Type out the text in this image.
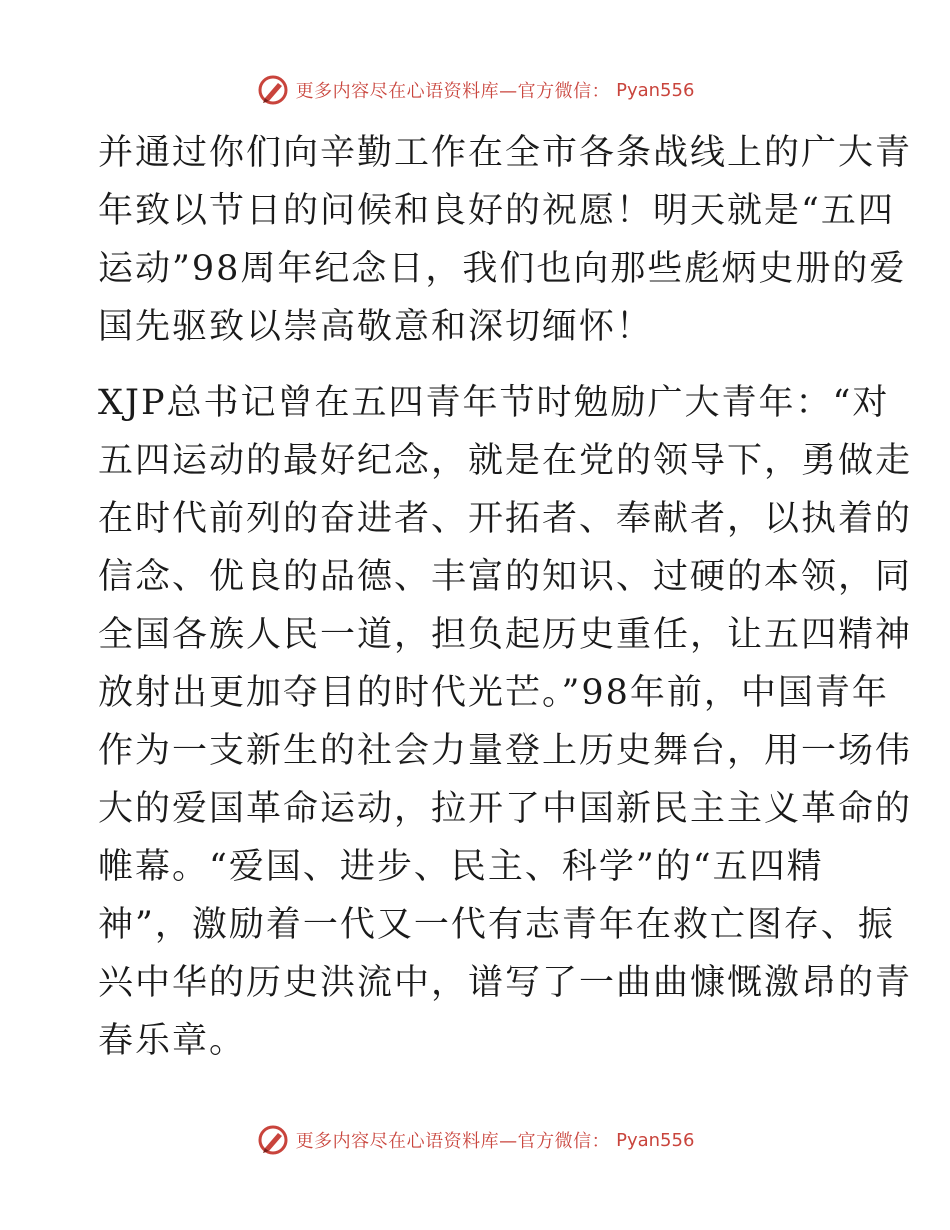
更多内容尽在心语资料库—官方微信： Pyan556

并通过你们向辛勤工作在全市各条战线上的广大青
年致以节日的问候和良好的祝愿！明天就是“五四
运动”98周年纪念日，我们也向那些彪炳史册的爱
国先驱致以崇高敬意和深切缅怀！

XJP总书记曾在五四青年节时勉励广大青年：“对
五四运动的最好纪念，就是在党的领导下，勇做走
在时代前列的奋进者、开拓者、奉献者，以执着的
信念、优良的品德、丰富的知识、过硬的本领，同
全国各族人民一道，担负起历史重任，让五四精神
放射出更加夺目的时代光芒。”98年前，中国青年
作为一支新生的社会力量登上历史舞台，用一场伟
大的爱国革命运动，拉开了中国新民主主义革命的
帷幕。“爱国、进步、民主、科学”的“五四精
神”，激励着一代又一代有志青年在救亡图存、振
兴中华的历史洪流中，谱写了一曲曲慷慨激昂的青
春乐章。

更多内容尽在心语资料库—官方微信： Pyan556
